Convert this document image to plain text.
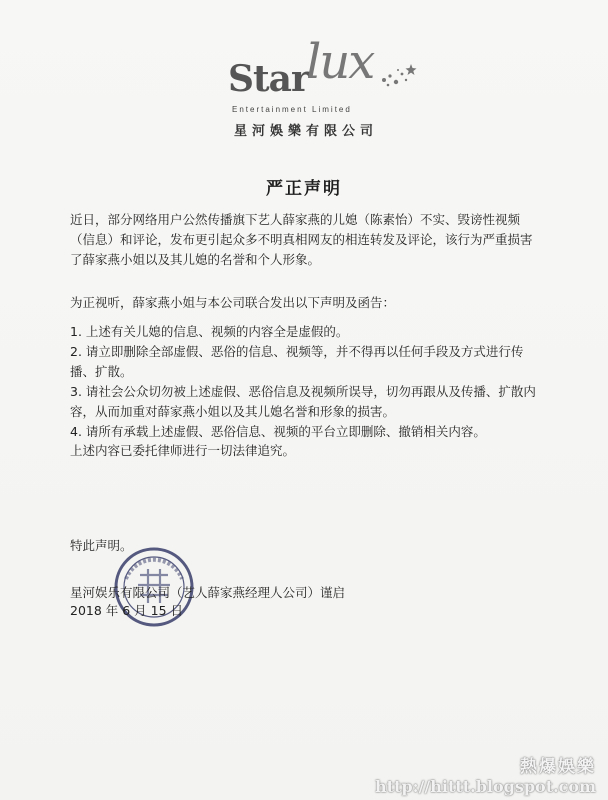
Star
lux
Entertainment Limited
星河娛樂有限公司
严正声明
近日，部分网络用户公然传播旗下艺人薛家燕的儿媳（陈素怡）不实、毁谤性视频（信息）和评论，发布更引起众多不明真相网友的相连转发及评论，该行为严重损害了薛家燕小姐以及其儿媳的名誉和个人形象。
为正视听，薛家燕小姐与本公司联合发出以下声明及函告：
1. 上述有关儿媳的信息、视频的内容全是虚假的。
2. 请立即删除全部虚假、恶俗的信息、视频等，并不得再以任何手段及方式进行传播、扩散。
3. 请社会公众切勿被上述虚假、恶俗信息及视频所误导，切勿再跟从及传播、扩散内容，从而加重对薛家燕小姐以及其儿媳名誉和形象的损害。
4. 请所有承载上述虚假、恶俗信息、视频的平台立即删除、撤销相关内容。
上述内容已委托律师进行一切法律追究。
特此声明。
星河娱乐有限公司（艺人薛家燕经理人公司）谨启
2018 年 6 月 15 日
熱爆娛樂
http://hittt.blogspot.com
